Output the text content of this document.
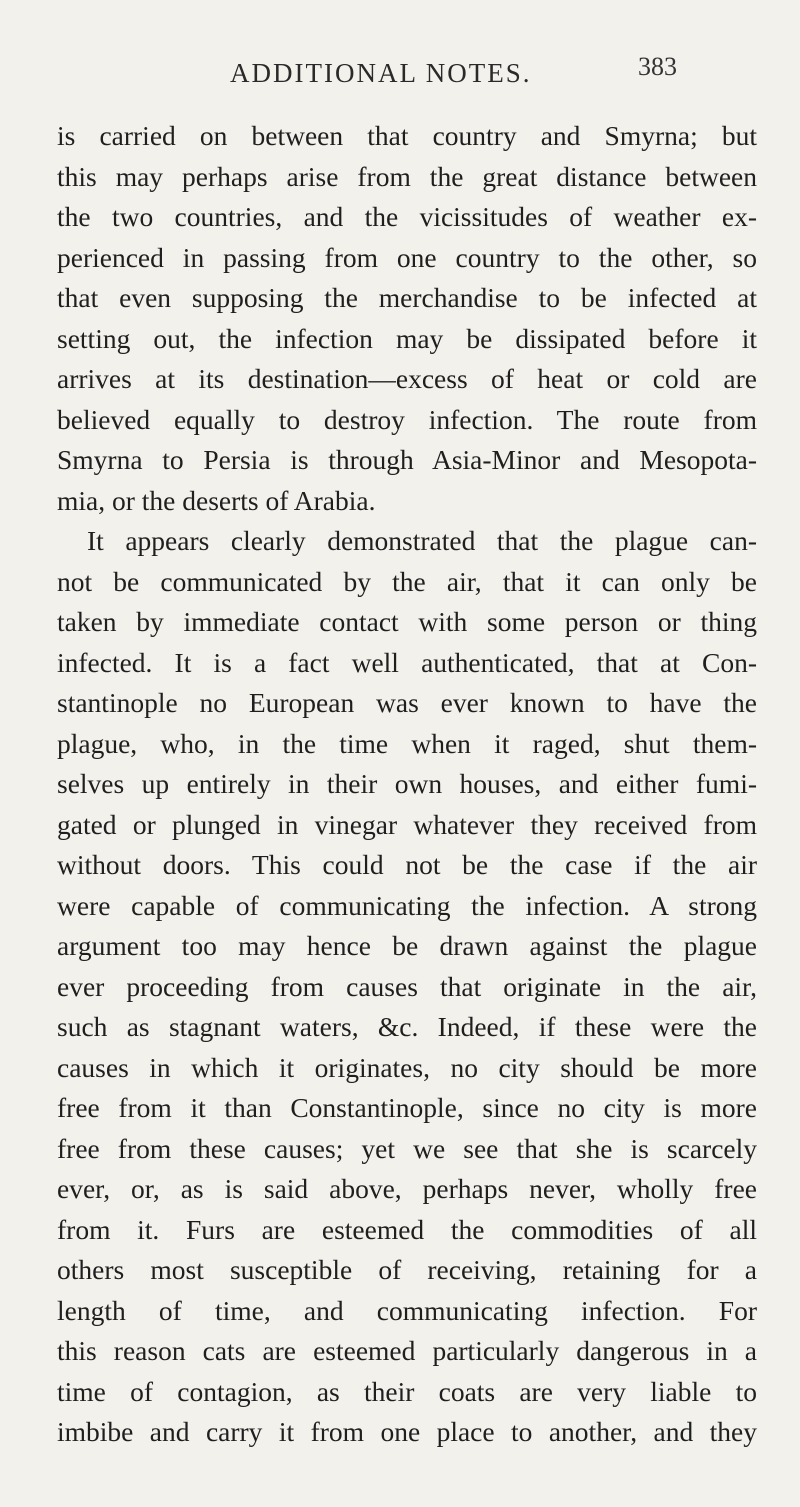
ADDITIONAL NOTES.	383
is carried on between that country and Smyrna; but
this may perhaps arise from the great distance between
the two countries, and the vicissitudes of weather ex-
perienced in passing from one country to the other, so
that even supposing the merchandise to be infected at
setting out, the infection may be dissipated before it
arrives at its destination—excess of heat or cold are
believed equally to destroy infection. The route from
Smyrna to Persia is through Asia-Minor and Mesopota-
mia, or the deserts of Arabia.
It appears clearly demonstrated that the plague can-
not be communicated by the air, that it can only be
taken by immediate contact with some person or thing
infected. It is a fact well authenticated, that at Con-
stantinople no European was ever known to have the
plague, who, in the time when it raged, shut them-
selves up entirely in their own houses, and either fumi-
gated or plunged in vinegar whatever they received from
without doors. This could not be the case if the air
were capable of communicating the infection. A strong
argument too may hence be drawn against the plague
ever proceeding from causes that originate in the air,
such as stagnant waters, &c. Indeed, if these were the
causes in which it originates, no city should be more
free from it than Constantinople, since no city is more
free from these causes; yet we see that she is scarcely
ever, or, as is said above, perhaps never, wholly free
from it. Furs are esteemed the commodities of all
others most susceptible of receiving, retaining for a
length of time, and communicating infection. For
this reason cats are esteemed particularly dangerous in a
time of contagion, as their coats are very liable to
imbibe and carry it from one place to another, and they
